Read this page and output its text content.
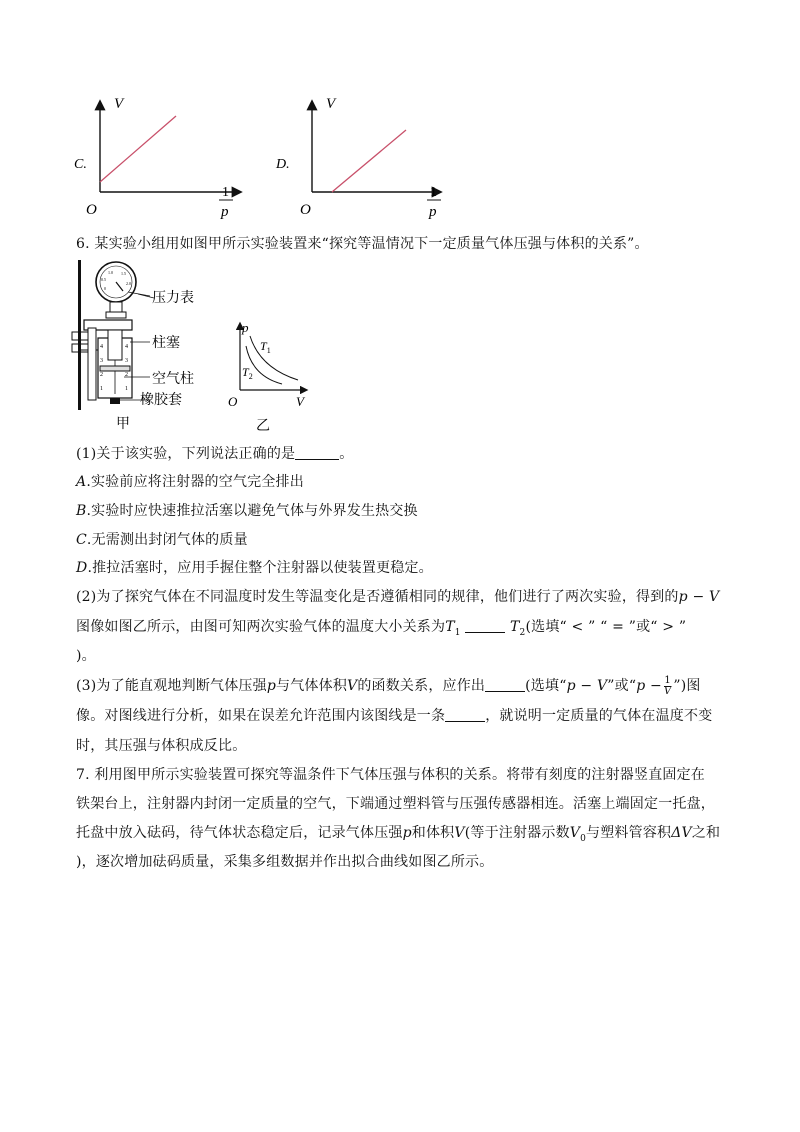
C.
V
O
1
p
D.
V
O
1
p
6. 某实验小组用如图甲所示实验装置来“探究等温情况下一定质量气体压强与体积的关系”。
1.0 1.5
0.5
2.0
0
4
3
2
1
4
3
2
1
压力表
柱塞
空气柱
橡胶套
甲
p
V
O
$T_1$
$T_2$
乙
(1)关于该实验，下列说法正确的是	。
A.实验前应将注射器的空气完全排出
B.实验时应快速推拉活塞以避免气体与外界发生热交换
C.无需测出封闭气体的质量
D.推拉活塞时，应用手握住整个注射器以使装置更稳定。
(2)为了探究气体在不同温度时发生等温变化是否遵循相同的规律，他们进行了两次实验，得到的p − V
图像如图乙所示，由图可知两次实验气体的温度大小关系为$T_1$	$T_2$(选填“ < ” “ = ”或“ > ”
)。
(3)为了能直观地判断气体压强p与气体体积V的函数关系，应作出	(选填“p − V”或“$p - \frac{1}{V}$ ”)图
像。对图线进行分析，如果在误差允许范围内该图线是一条	，就说明一定质量的气体在温度不变
时，其压强与体积成反比。
7. 利用图甲所示实验装置可探究等温条件下气体压强与体积的关系。将带有刻度的注射器竖直固定在
铁架台上，注射器内封闭一定质量的空气，下端通过塑料管与压强传感器相连。活塞上端固定一托盘，
托盘中放入砝码，待气体状态稳定后，记录气体压强p和体积V(等于注射器示数$V_0$与塑料管容积ΔV之和
)，逐次增加砝码质量，采集多组数据并作出拟合曲线如图乙所示。
